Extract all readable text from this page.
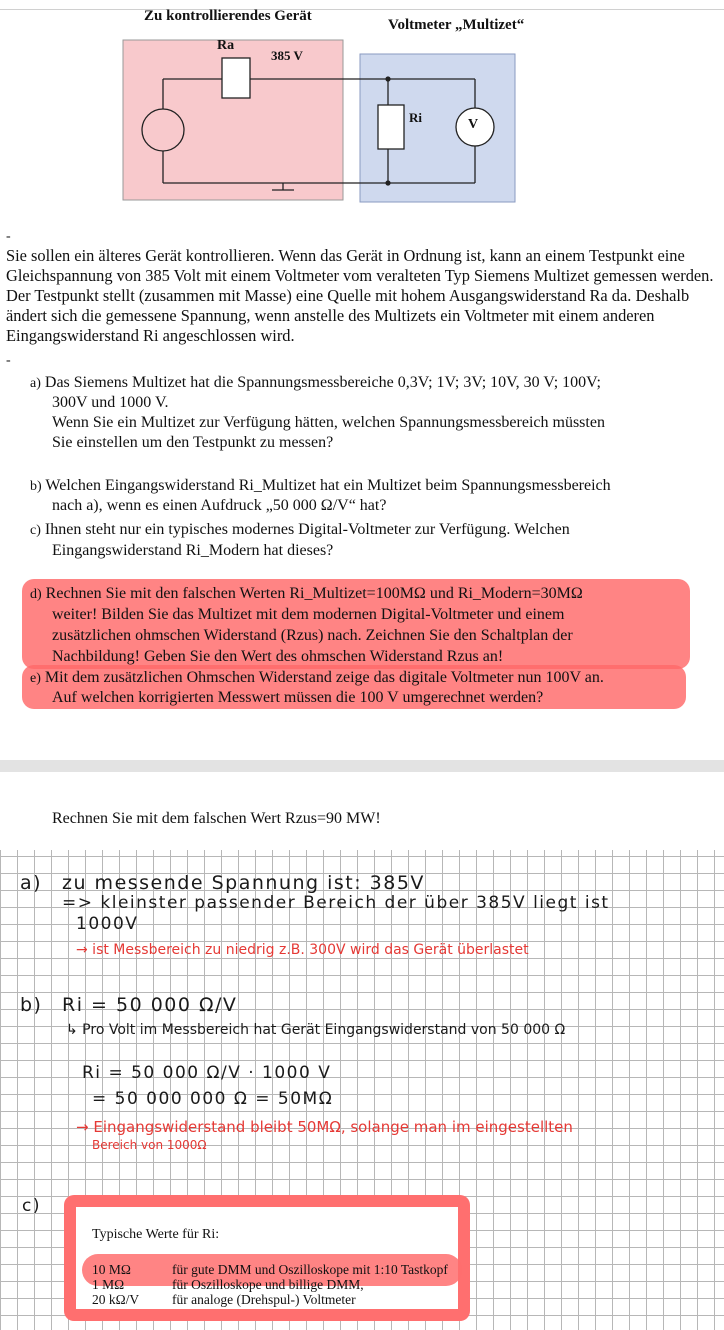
Zu kontrollierendes Gerät
Voltmeter „Multizet“
Ra
385 V
Ri	V
-
Sie sollen ein älteres Gerät kontrollieren. Wenn das Gerät in Ordnung ist, kann an einem Testpunkt eine Gleichspannung von 385 Volt mit einem Voltmeter vom veralteten Typ Siemens Multizet gemessen werden. Der Testpunkt stellt (zusammen mit Masse) eine Quelle mit hohem Ausgangswiderstand Ra da. Deshalb ändert sich die gemessene Spannung, wenn anstelle des Multizets ein Voltmeter mit einem anderen Eingangswiderstand Ri angeschlossen wird.
-
a) Das Siemens Multizet hat die Spannungsmessbereiche 0,3V; 1V; 3V; 10V, 30 V; 100V;
300V und 1000 V.
Wenn Sie ein Multizet zur Verfügung hätten, welchen Spannungsmessbereich müssten
Sie einstellen um den Testpunkt zu messen?
b) Welchen Eingangswiderstand Ri_Multizet hat ein Multizet beim Spannungsmessbereich
nach a), wenn es einen Aufdruck „50 000 Ω/V“ hat?
c) Ihnen steht nur ein typisches modernes Digital-Voltmeter zur Verfügung. Welchen
Eingangswiderstand Ri_Modern hat dieses?
d) Rechnen Sie mit den falschen Werten Ri_Multizet=100MΩ und Ri_Modern=30MΩ
weiter! Bilden Sie das Multizet mit dem modernen Digital-Voltmeter und einem
zusätzlichen ohmschen Widerstand (Rzus) nach. Zeichnen Sie den Schaltplan der
Nachbildung! Geben Sie den Wert des ohmschen Widerstand Rzus an!
e) Mit dem zusätzlichen Ohmschen Widerstand zeige das digitale Voltmeter nun 100V an.
Auf welchen korrigierten Messwert müssen die 100 V umgerechnet werden?
Rechnen Sie mit dem falschen Wert Rzus=90 MW!
a) zu messende Spannung ist: 385V
=> kleinster passender Bereich der über 385V liegt ist
1000V
→ ist Messbereich zu niedrig z.B. 300V wird das Gerät überlastet
b) Ri = 50 000 Ω/V
↳ Pro Volt im Messbereich hat Gerät Eingangswiderstand von 50 000 Ω
Ri = 50 000 Ω/V · 1000 V
= 50 000 000 Ω = 50MΩ
→ Eingangswiderstand bleibt 50MΩ, solange man im eingestellten
Bereich von 1000Ω
c)
Typische Werte für Ri:
10 MΩ	für gute DMM und Oszilloskope mit 1:10 Tastkopf
1 MΩ	für Oszilloskope und billige DMM,
20 kΩ/V für analoge (Drehspul-) Voltmeter
